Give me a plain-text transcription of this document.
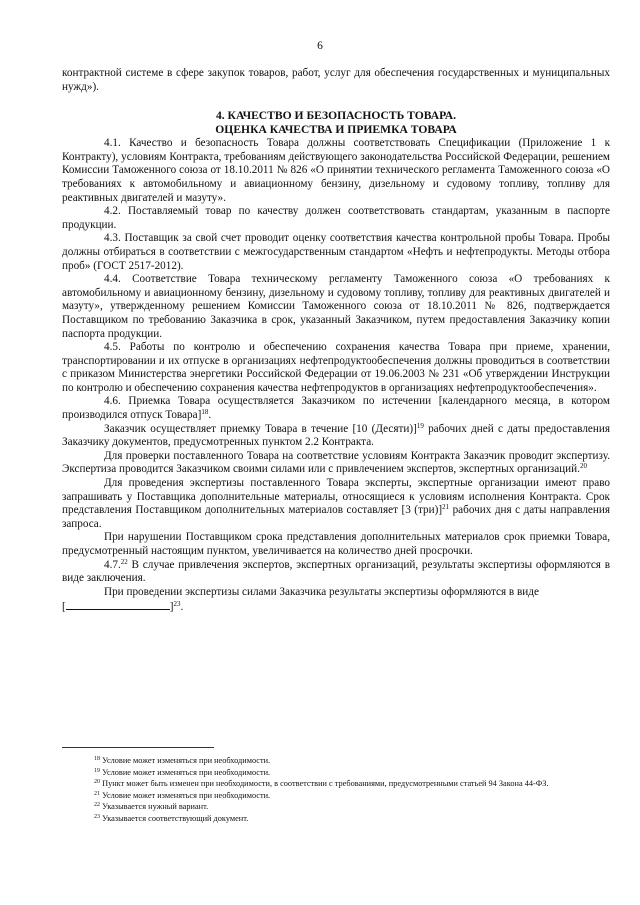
6

контрактной системе в сфере закупок товаров, работ, услуг для обеспечения государственных и муниципальных нужд»).

4. КАЧЕСТВО И БЕЗОПАСНОСТЬ ТОВАРА.

ОЦЕНКА КАЧЕСТВА И ПРИЕМКА ТОВАРА

4.1. Качество и безопасность Товара должны соответствовать Спецификации (Приложение 1 к Контракту), условиям Контракта, требованиям действующего законодательства Российской Федерации, решением Комиссии Таможенного союза от 18.10.2011 № 826 «О принятии технического регламента Таможенного союза «О требованиях к автомобильному и авиационному бензину, дизельному и судовому топливу, топливу для реактивных двигателей и мазуту».

4.2. Поставляемый товар по качеству должен соответствовать стандартам, указанным в паспорте продукции.

4.3. Поставщик за свой счет проводит оценку соответствия качества контрольной пробы Товара. Пробы должны отбираться в соответствии с межгосударственным стандартом «Нефть и нефтепродукты. Методы отбора проб» (ГОСТ 2517-2012).

4.4. Соответствие Товара техническому регламенту Таможенного союза «О требованиях к автомобильному и авиационному бензину, дизельному и судовому топливу, топливу для реактивных двигателей и мазуту», утвержденному решением Комиссии Таможенного союза от 18.10.2011 № 826, подтверждается Поставщиком по требованию Заказчика в срок, указанный Заказчиком, путем предоставления Заказчику копии паспорта продукции.

4.5. Работы по контролю и обеспечению сохранения качества Товара при приеме, хранении, транспортировании и их отпуске в организациях нефтепродуктообеспечения должны проводиться в соответствии с приказом Министерства энергетики Российской Федерации от 19.06.2003 № 231 «Об утверждении Инструкции по контролю и обеспечению сохранения качества нефтепродуктов в организациях нефтепродуктообеспечения».

4.6. Приемка Товара осуществляется Заказчиком по истечении [календарного месяца, в котором производился отпуск Товара]$^{18}$.

Заказчик осуществляет приемку Товара в течение [10 (Десяти)]$^{19}$ рабочих дней с даты предоставления Заказчику документов, предусмотренных пунктом 2.2 Контракта.

Для проверки поставленного Товара на соответствие условиям Контракта Заказчик проводит экспертизу. Экспертиза проводится Заказчиком своими силами или с привлечением экспертов, экспертных организаций.$^{20}$

Для проведения экспертизы поставленного Товара эксперты, экспертные организации имеют право запрашивать у Поставщика дополнительные материалы, относящиеся к условиям исполнения Контракта. Срок представления Поставщиком дополнительных материалов составляет [3 (три)]$^{21}$ рабочих дня с даты направления запроса.

При нарушении Поставщиком срока представления дополнительных материалов срок приемки Товара, предусмотренный настоящим пунктом, увеличивается на количество дней просрочки.

4.7.22 В случае привлечения экспертов, экспертных организаций, результаты экспертизы оформляются в виде заключения.

При проведении экспертизы силами Заказчика результаты экспертизы оформляются в виде
[	]$^{23}$.

$^{18}$ Условие может изменяться при необходимости.

$^{19}$ Условие может изменяться при необходимости.

$^{20}$ Пункт может быть изменен при необходимости, в соответствии с требованиями, предусмотренными статьей 94 Закона 44-ФЗ.

$^{21}$ Условие может изменяться при необходимости.

$^{22}$ Указывается нужный вариант.

$^{23}$ Указывается соответствующий документ.
